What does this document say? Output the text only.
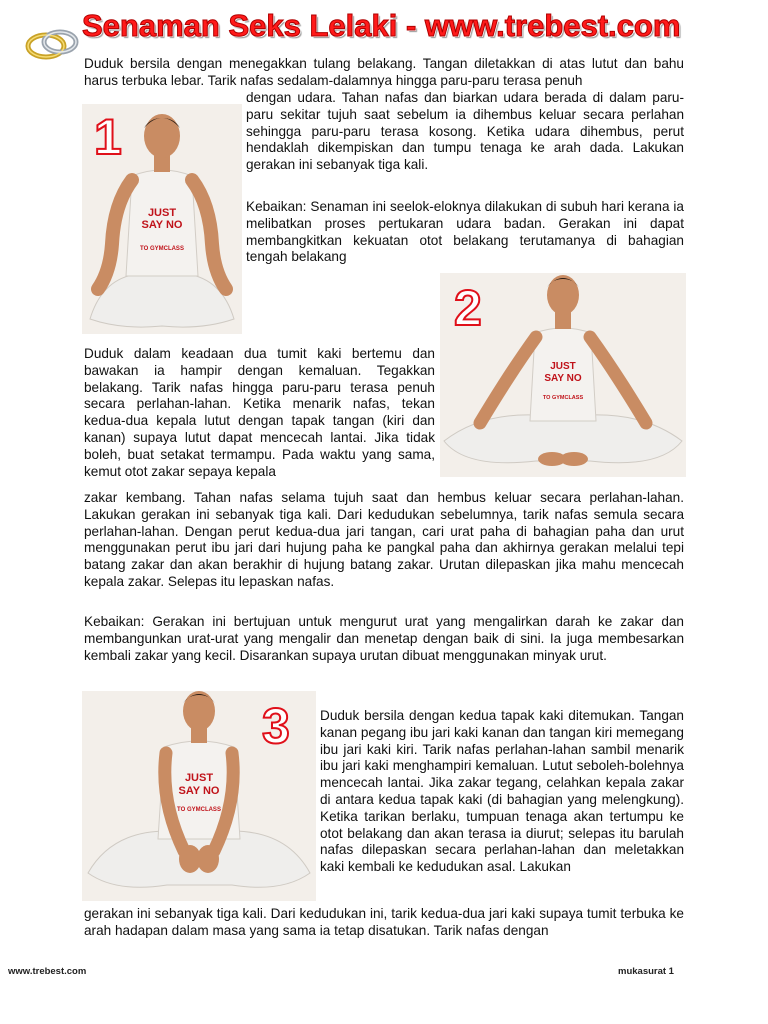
Senaman Seks Lelaki - www.trebest.com

Duduk bersila dengan menegakkan tulang belakang. Tangan diletakkan di atas lutut dan bahu harus terbuka lebar. Tarik nafas sedalam-dalamnya hingga paru-paru terasa penuh

JUST
SAY NO
TO GYMCLASS
1

dengan udara. Tahan nafas dan biarkan udara berada di dalam paru-paru sekitar tujuh saat sebelum ia dihembus keluar secara perlahan sehingga paru-paru terasa kosong. Ketika udara dihembus, perut hendaklah dikempiskan dan tumpu tenaga ke arah dada. Lakukan gerakan ini sebanyak tiga kali.

Kebaikan: Senaman ini seelok-eloknya dilakukan di subuh hari kerana ia melibatkan proses pertukaran udara badan. Gerakan ini dapat membangkitkan kekuatan otot belakang terutamanya di bahagian tengah belakang

JUST
SAY NO
TO GYMCLASS
2

Duduk dalam keadaan dua tumit kaki bertemu dan bawakan ia hampir dengan kemaluan. Tegakkan belakang. Tarik nafas hingga paru-paru terasa penuh secara perlahan-lahan. Ketika menarik nafas, tekan kedua-dua kepala lutut dengan tapak tangan (kiri dan kanan) supaya lutut dapat mencecah lantai. Jika tidak boleh, buat setakat termampu. Pada waktu yang sama, kemut otot zakar sepaya kepala

zakar kembang. Tahan nafas selama tujuh saat dan hembus keluar secara perlahan-lahan. Lakukan gerakan ini sebanyak tiga kali. Dari kedudukan sebelumnya, tarik nafas semula secara perlahan-lahan. Dengan perut kedua-dua jari tangan, cari urat paha di bahagian paha dan urut menggunakan perut ibu jari dari hujung paha ke pangkal paha dan akhirnya gerakan melalui tepi batang zakar dan akan berakhir di hujung batang zakar. Urutan dilepaskan jika mahu mencecah kepala zakar. Selepas itu lepaskan nafas.

Kebaikan: Gerakan ini bertujuan untuk mengurut urat yang mengalirkan darah ke zakar dan membangunkan urat-urat yang mengalir dan menetap dengan baik di sini. Ia juga membesarkan kembali zakar yang kecil. Disarankan supaya urutan dibuat menggunakan minyak urut.

JUST
SAY NO
TO GYMCLASS
3 Duduk bersila dengan kedua tapak kaki ditemukan. Tangan kanan pegang ibu jari kaki kanan dan tangan kiri memegang ibu jari kaki kiri. Tarik nafas perlahan-lahan sambil menarik ibu jari kaki menghampiri kemaluan. Lutut seboleh-bolehnya mencecah lantai. Jika zakar tegang, celahkan kepala zakar di antara kedua tapak kaki (di bahagian yang melengkung). Ketika tarikan berlaku, tumpuan tenaga akan tertumpu ke otot belakang dan akan terasa ia diurut; selepas itu barulah nafas dilepaskan secara perlahan-lahan dan meletakkan kaki kembali ke kedudukan asal. Lakukan

gerakan ini sebanyak tiga kali. Dari kedudukan ini, tarik kedua-dua jari kaki supaya tumit terbuka ke arah hadapan dalam masa yang sama ia tetap disatukan. Tarik nafas dengan

www.trebest.com	mukasurat 1
